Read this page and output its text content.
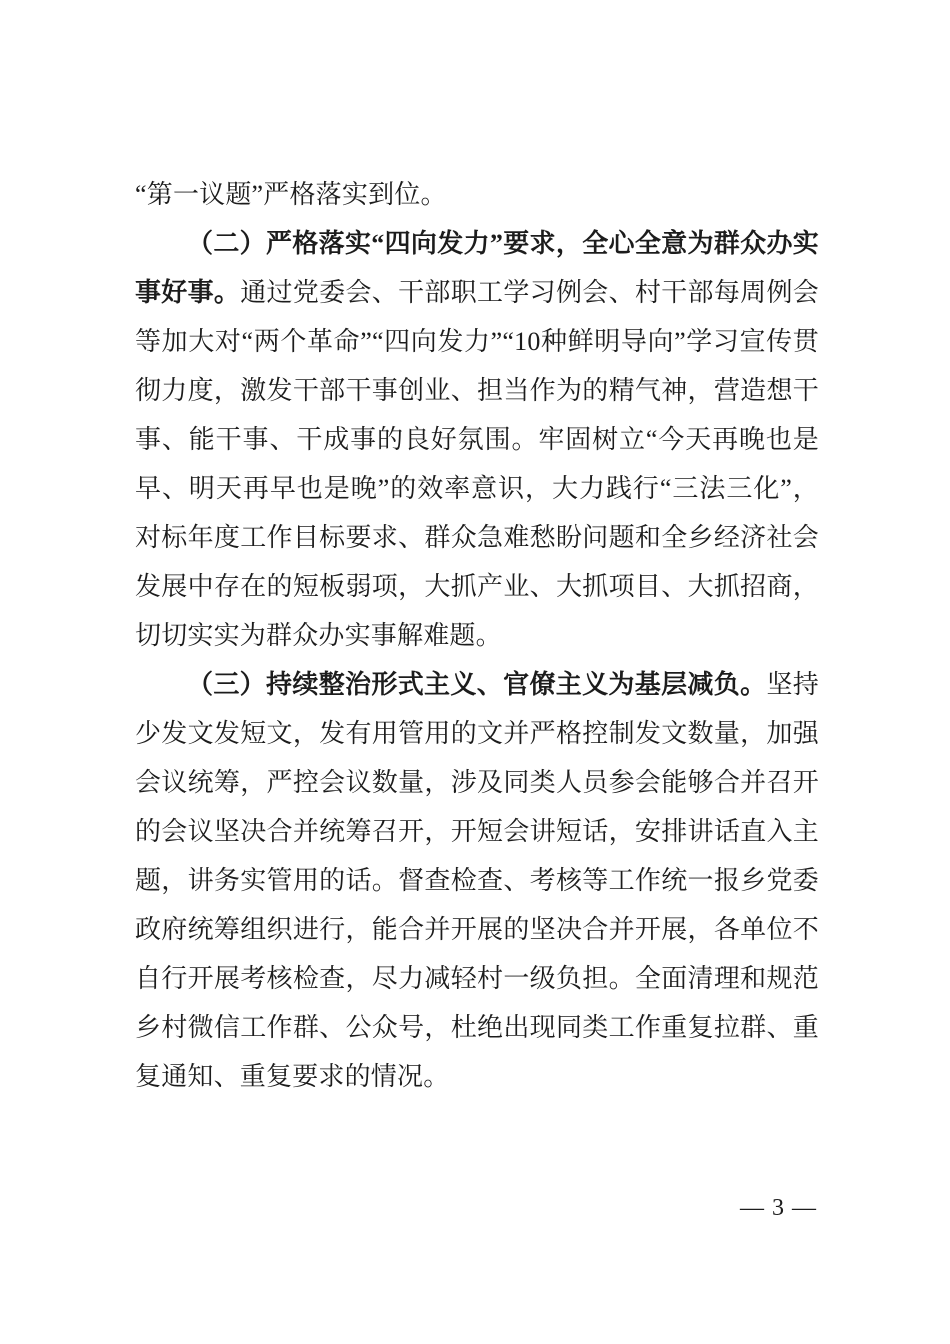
“第一议题”严格落实到位。

（二）严格落实“四向发力”要求，全心全意为群众办实事好事。通过党委会、干部职工学习例会、村干部每周例会等加大对“两个革命”“四向发力”“10种鲜明导向”学习宣传贯彻力度，激发干部干事创业、担当作为的精气神，营造想干事、能干事、干成事的良好氛围。牢固树立“今天再晚也是早、明天再早也是晚”的效率意识，大力践行“三法三化”，对标年度工作目标要求、群众急难愁盼问题和全乡经济社会发展中存在的短板弱项，大抓产业、大抓项目、大抓招商，切切实实为群众办实事解难题。

（三）持续整治形式主义、官僚主义为基层减负。坚持少发文发短文，发有用管用的文并严格控制发文数量，加强会议统筹，严控会议数量，涉及同类人员参会能够合并召开的会议坚决合并统筹召开，开短会讲短话，安排讲话直入主题，讲务实管用的话。督查检查、考核等工作统一报乡党委政府统筹组织进行，能合并开展的坚决合并开展，各单位不自行开展考核检查，尽力减轻村一级负担。全面清理和规范乡村微信工作群、公众号，杜绝出现同类工作重复拉群、重复通知、重复要求的情况。

— 3 —
